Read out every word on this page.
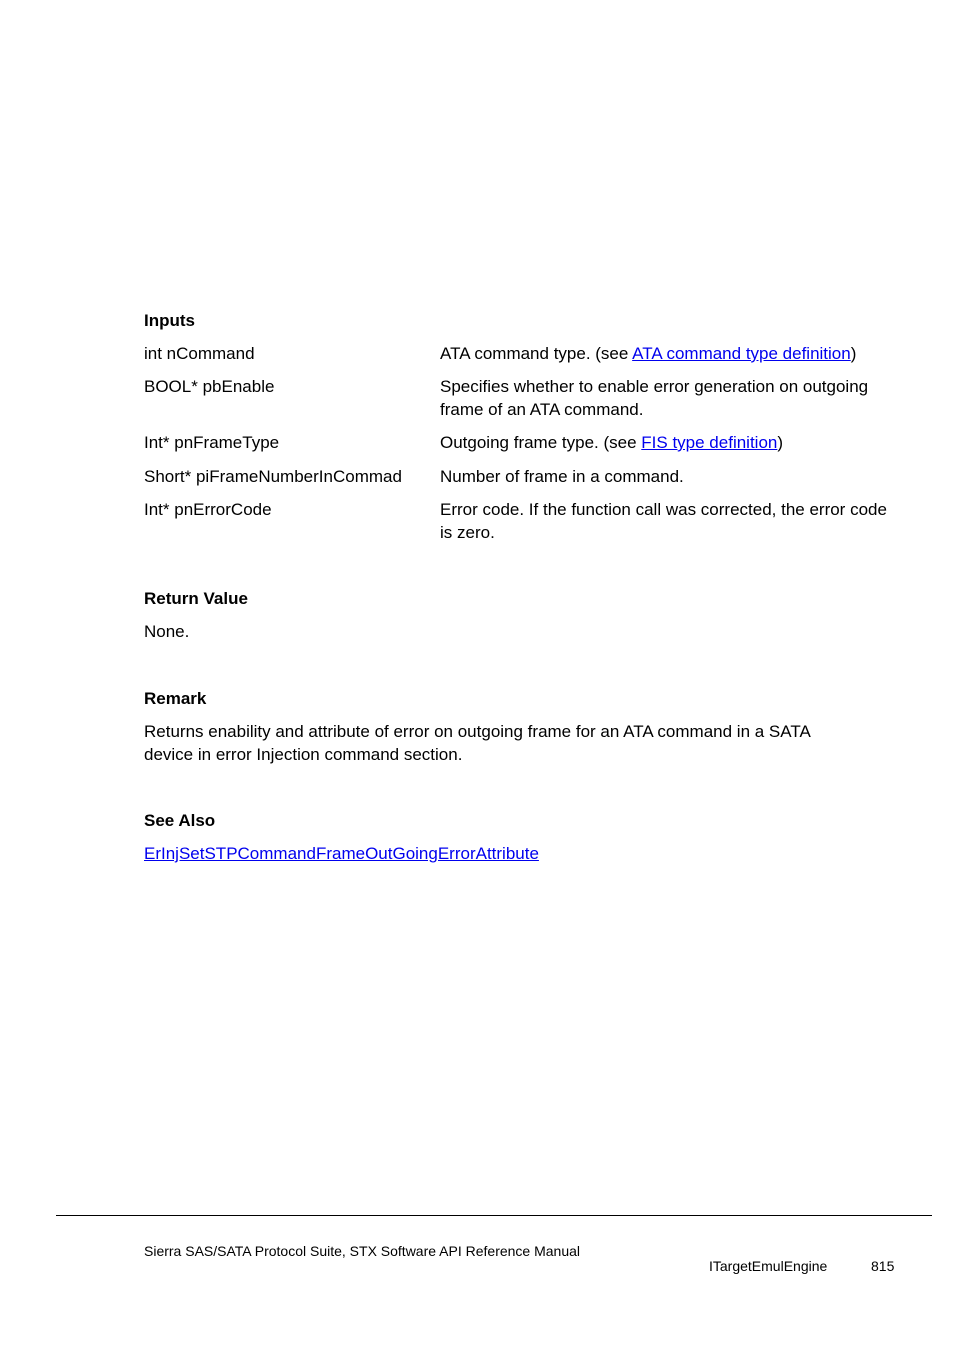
Inputs
int nCommand	ATA command type. (see ATA command type definition)
BOOL* pbEnable	Specifies whether to enable error generation on outgoing frame of an ATA command.
Int* pnFrameType	Outgoing frame type. (see FIS type definition)
Short* piFrameNumberInCommad Number of frame in a command.
Int* pnErrorCode	Error code. If the function call was corrected, the error code is zero.
Return Value
None.
Remark
Returns enability and attribute of error on outgoing frame for an ATA command in a SATA device in error Injection command section.
See Also
ErInjSetSTPCommandFrameOutGoingErrorAttribute
Sierra SAS/SATA Protocol Suite, STX Software API Reference Manual
ITargetEmulEngine	815
